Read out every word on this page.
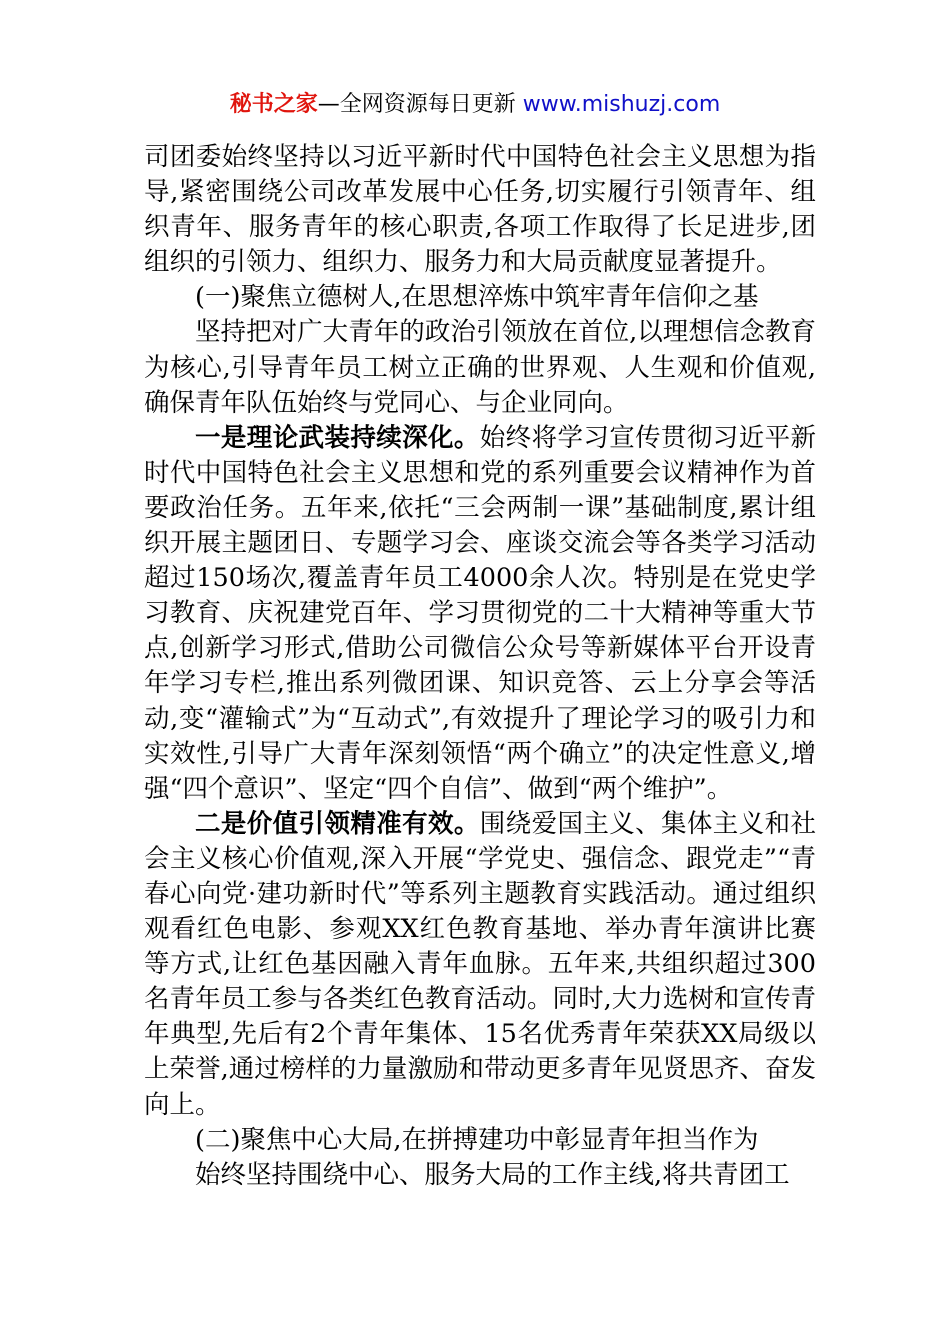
秘书之家—全网资源每日更新 www.mishuzj.com

司团委始终坚持以习近平新时代中国特色社会主义思想为指导,紧密围绕公司改革发展中心任务,切实履行引领青年、组织青年、服务青年的核心职责,各项工作取得了长足进步,团组织的引领力、组织力、服务力和大局贡献度显著提升。

(一)聚焦立德树人,在思想淬炼中筑牢青年信仰之基

坚持把对广大青年的政治引领放在首位,以理想信念教育为核心,引导青年员工树立正确的世界观、人生观和价值观,确保青年队伍始终与党同心、与企业同向。

一是理论武装持续深化。始终将学习宣传贯彻习近平新时代中国特色社会主义思想和党的系列重要会议精神作为首要政治任务。五年来,依托“三会两制一课”基础制度,累计组织开展主题团日、专题学习会、座谈交流会等各类学习活动超过150场次,覆盖青年员工4000余人次。特别是在党史学习教育、庆祝建党百年、学习贯彻党的二十大精神等重大节点,创新学习形式,借助公司微信公众号等新媒体平台开设青年学习专栏,推出系列微团课、知识竞答、云上分享会等活动,变“灌输式”为“互动式”,有效提升了理论学习的吸引力和实效性,引导广大青年深刻领悟“两个确立”的决定性意义,增强“四个意识”、坚定“四个自信”、做到“两个维护”。

二是价值引领精准有效。围绕爱国主义、集体主义和社会主义核心价值观,深入开展“学党史、强信念、跟党走”“青春心向党·建功新时代”等系列主题教育实践活动。通过组织观看红色电影、参观XX红色教育基地、举办青年演讲比赛等方式,让红色基因融入青年血脉。五年来,共组织超过300名青年员工参与各类红色教育活动。同时,大力选树和宣传青年典型,先后有2个青年集体、15名优秀青年荣获XX局级以上荣誉,通过榜样的力量激励和带动更多青年见贤思齐、奋发向上。

(二)聚焦中心大局,在拼搏建功中彰显青年担当作为

始终坚持围绕中心、服务大局的工作主线,将共青团工
